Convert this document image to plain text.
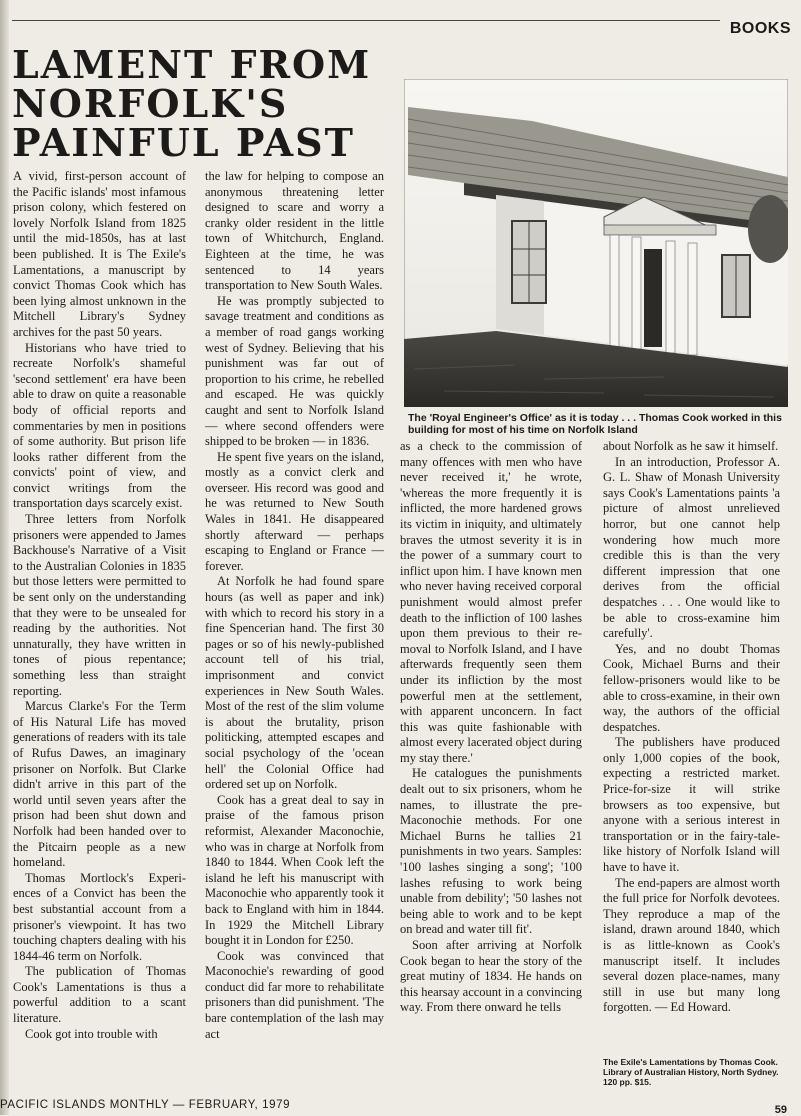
BOOKS
LAMENT FROM
NORFOLK'S
PAINFUL PAST

A vivid, first-person account of the Pacific islands' most infamous prison colony, which festered on lovely Norfolk Island from 1825 until the mid-1850s, has at last been published. It is The Exile's Lamentations, a manuscript by convict Thomas Cook which has been lying almost unknown in the Mitchell Library's Sydney archives for the past 50 years.

Historians who have tried to recreate Norfolk's shameful 'second settlement' era have been able to draw on quite a reasonable body of official reports and commentaries by men in positions of some authority. But prison life looks rather different from the convicts' point of view, and convict writings from the transportation days scarcely exist.

Three letters from Norfolk prisoners were appended to James Backhouse's Narrative of a Visit to the Australian Colonies in 1835 but those letters were permitted to be sent only on the understanding that they were to be unsealed for reading by the authorities. Not unnaturally, they have written in tones of pious repentance; something less than straight reporting.

Marcus Clarke's For the Term of His Natural Life has moved generations of readers with its tale of Rufus Dawes, an imaginary prisoner on Norfolk. But Clarke didn't arrive in this part of the world until seven years after the prison had been shut down and Norfolk had been handed over to the Pitcairn people as a new homeland.

Thomas Mortlock's Experiences of a Convict has been the best substantial account from a prisoner's viewpoint. It has two touching chapters dealing with his 1844-46 term on Norfolk.

The publication of Thomas Cook's Lamentations is thus a powerful addition to a scant literature.

Cook got into trouble with

the law for helping to compose an anonymous threatening letter designed to scare and worry a cranky older resident in the little town of Whitchurch, England. Eighteen at the time, he was sentenced to 14 years transportation to New South Wales.

He was promptly subjected to savage treatment and conditions as a member of road gangs working west of Sydney. Believing that his punishment was far out of proportion to his crime, he rebelled and escaped. He was quickly caught and sent to Norfolk Island — where second offenders were shipped to be broken — in 1836.

He spent five years on the island, mostly as a convict clerk and overseer. His record was good and he was returned to New South Wales in 1841. He disappeared shortly afterward — perhaps escaping to England or France — forever.

At Norfolk he had found spare hours (as well as paper and ink) with which to record his story in a fine Spencerian hand. The first 30 pages or so of his newly-published account tell of his trial, imprisonment and convict experiences in New South Wales. Most of the rest of the slim volume is about the brutality, prison politicking, attempted escapes and social psychology of the 'ocean hell' the Colonial Office had ordered set up on Norfolk.

Cook has a great deal to say in praise of the famous prison reformist, Alexander Maconochie, who was in charge at Norfolk from 1840 to 1844. When Cook left the island he left his manuscript with Maconochie who apparently took it back to England with him in 1844. In 1929 the Mitchell Library bought it in London for £250.

Cook was convinced that Maconochie's rewarding of good conduct did far more to rehabilitate prisoners than did punishment. 'The bare contemplation of the lash may act

The 'Royal Engineer's Office' as it is today . . . Thomas Cook worked in this building for most of his time on Norfolk Island

as a check to the commission of many offences with men who have never received it,' he wrote, 'whereas the more frequently it is inflicted, the more hardened grows its victim in iniquity, and ultimately braves the utmost severity it is in the power of a summary court to inflict upon him. I have known men who never having received corporal punishment would almost prefer death to the infliction of 100 lashes upon them previous to their removal to Norfolk Island, and I have afterwards frequently seen them under its infliction by the most powerful men at the settlement, with apparent unconcern. In fact this was quite fashionable with almost every lacerated object during my stay there.'

He catalogues the punishments dealt out to six prisoners, whom he names, to illustrate the pre-Maconochie methods. For one Michael Burns he tallies 21 punishments in two years. Samples: '100 lashes singing a song'; '100 lashes refusing to work being unable from debility'; '50 lashes not being able to work and to be kept on bread and water till fit'.

Soon after arriving at Norfolk Cook began to hear the story of the great mutiny of 1834. He hands on this hearsay account in a convincing way. From there onward he tells

about Norfolk as he saw it himself.

In an introduction, Professor A. G. L. Shaw of Monash University says Cook's Lamentations paints 'a picture of almost unrelieved horror, but one cannot help wondering how much more credible this is than the very different impression that one derives from the official despatches . . . One would like to be able to cross-examine him carefully'.

Yes, and no doubt Thomas Cook, Michael Burns and their fellow-prisoners would like to be able to cross-examine, in their own way, the authors of the official despatches.

The publishers have produced only 1,000 copies of the book, expecting a restricted market. Price-for-size it will strike browsers as too expensive, but anyone with a serious interest in transportation or in the fairy-tale-like history of Norfolk Island will have to have it.

The end-papers are almost worth the full price for Norfolk devotees. They reproduce a map of the island, drawn around 1840, which is as little-known as Cook's manuscript itself. It includes several dozen place-names, many still in use but many long forgotten. — Ed Howard.

The Exile's Lamentations by Thomas Cook. Library of Australian History, North Sydney. 120 pp. $15.
PACIFIC ISLANDS MONTHLY — FEBRUARY, 1979	59
